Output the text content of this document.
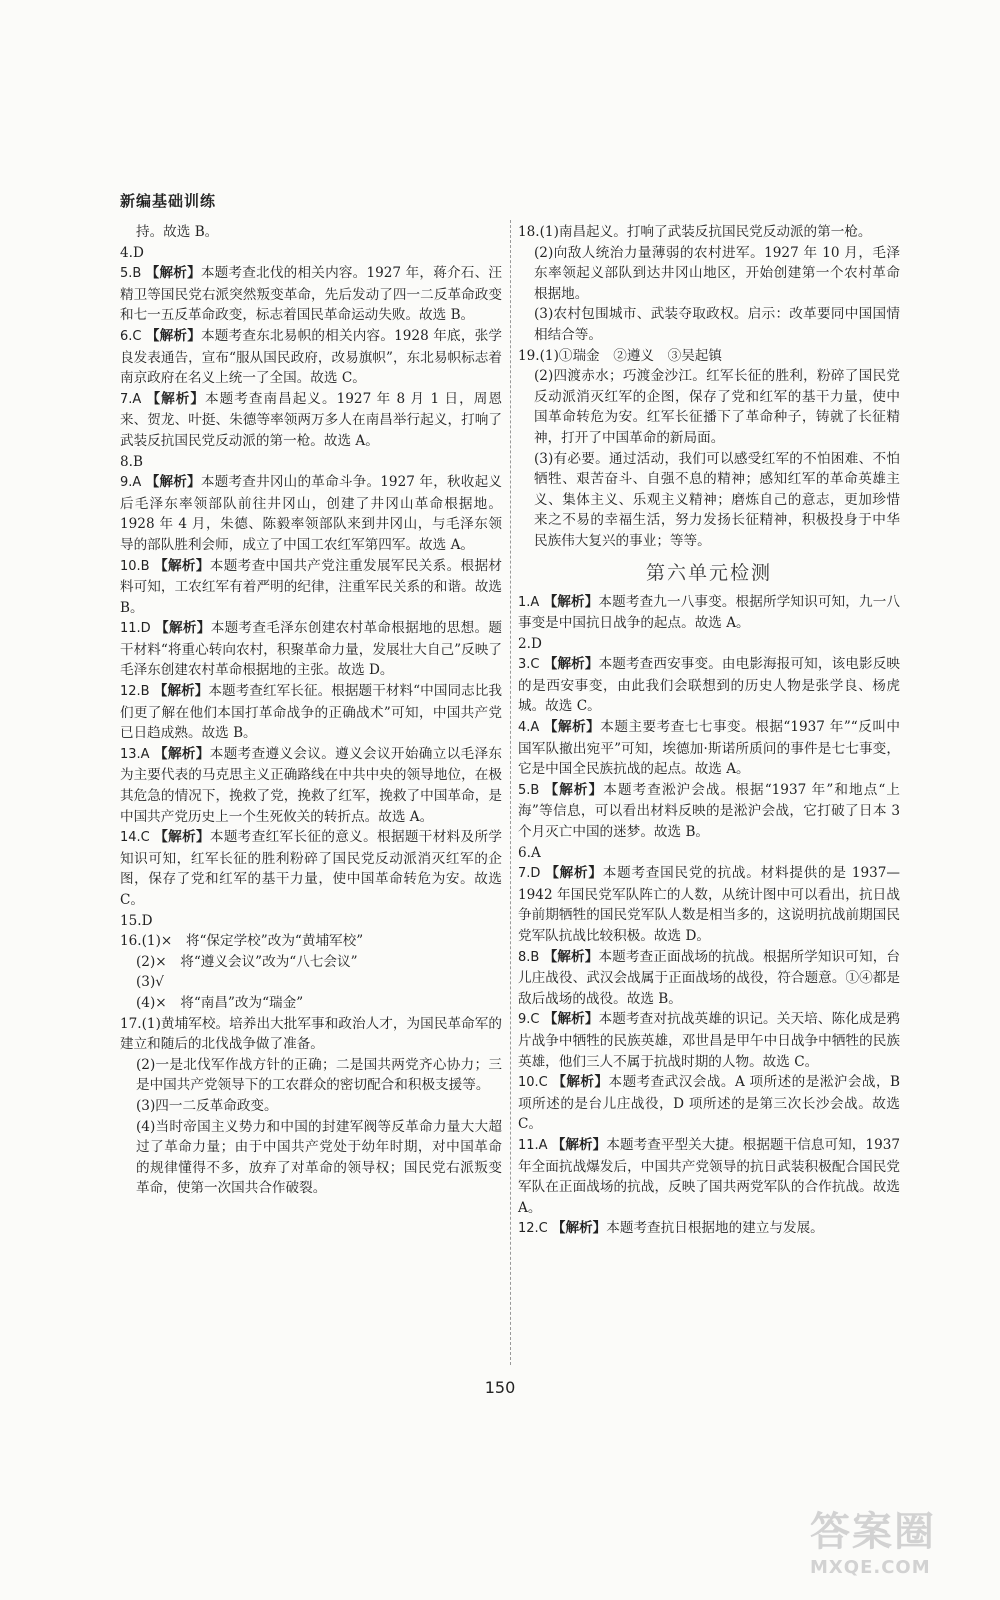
新编基础训练

持。故选 B。

4.D

5.B 【解析】本题考查北伐的相关内容。1927 年，蒋介石、汪精卫等国民党右派突然叛变革命，先后发动了四一二反革命政变和七一五反革命政变，标志着国民革命运动失败。故选 B。

6.C 【解析】本题考查东北易帜的相关内容。1928 年底，张学良发表通告，宣布“服从国民政府，改易旗帜”，东北易帜标志着南京政府在名义上统一了全国。故选 C。

7.A 【解析】本题考查南昌起义。1927 年 8 月 1 日，周恩来、贺龙、叶挺、朱德等率领两万多人在南昌举行起义，打响了武装反抗国民党反动派的第一枪。故选 A。

8.B

9.A 【解析】本题考查井冈山的革命斗争。1927 年，秋收起义后毛泽东率领部队前往井冈山，创建了井冈山革命根据地。1928 年 4 月，朱德、陈毅率领部队来到井冈山，与毛泽东领导的部队胜利会师，成立了中国工农红军第四军。故选 A。

10.B 【解析】本题考查中国共产党注重发展军民关系。根据材料可知，工农红军有着严明的纪律，注重军民关系的和谐。故选 B。

11.D 【解析】本题考查毛泽东创建农村革命根据地的思想。题干材料“将重心转向农村，积聚革命力量，发展壮大自己”反映了毛泽东创建农村革命根据地的主张。故选 D。

12.B 【解析】本题考查红军长征。根据题干材料“中国同志比我们更了解在他们本国打革命战争的正确战术”可知，中国共产党已日趋成熟。故选 B。

13.A 【解析】本题考查遵义会议。遵义会议开始确立以毛泽东为主要代表的马克思主义正确路线在中共中央的领导地位，在极其危急的情况下，挽救了党，挽救了红军，挽救了中国革命，是中国共产党历史上一个生死攸关的转折点。故选 A。

14.C 【解析】本题考查红军长征的意义。根据题干材料及所学知识可知，红军长征的胜利粉碎了国民党反动派消灭红军的企图，保存了党和红军的基干力量，使中国革命转危为安。故选 C。

15.D

16.(1)×　将“保定学校”改为“黄埔军校”

(2)×　将“遵义会议”改为“八七会议”

(3)√

(4)×　将“南昌”改为“瑞金”

17.(1)黄埔军校。培养出大批军事和政治人才，为国民革命军的建立和随后的北伐战争做了准备。

(2)一是北伐军作战方针的正确；二是国共两党齐心协力；三是中国共产党领导下的工农群众的密切配合和积极支援等。

(3)四一二反革命政变。

(4)当时帝国主义势力和中国的封建军阀等反革命力量大大超过了革命力量；由于中国共产党处于幼年时期，对中国革命的规律懂得不多，放弃了对革命的领导权；国民党右派叛变革命，使第一次国共合作破裂。

18.(1)南昌起义。打响了武装反抗国民党反动派的第一枪。

(2)向敌人统治力量薄弱的农村进军。1927 年 10 月，毛泽东率领起义部队到达井冈山地区，开始创建第一个农村革命根据地。

(3)农村包围城市、武装夺取政权。启示：改革要同中国国情相结合等。

19.(1)①瑞金　②遵义　③吴起镇

(2)四渡赤水；巧渡金沙江。红军长征的胜利，粉碎了国民党反动派消灭红军的企图，保存了党和红军的基干力量，使中国革命转危为安。红军长征播下了革命种子，铸就了长征精神，打开了中国革命的新局面。

(3)有必要。通过活动，我们可以感受红军的不怕困难、不怕牺牲、艰苦奋斗、自强不息的精神；感知红军的革命英雄主义、集体主义、乐观主义精神；磨炼自己的意志，更加珍惜来之不易的幸福生活，努力发扬长征精神，积极投身于中华民族伟大复兴的事业；等等。

第六单元检测

1.A 【解析】本题考查九一八事变。根据所学知识可知，九一八事变是中国抗日战争的起点。故选 A。

2.D

3.C 【解析】本题考查西安事变。由电影海报可知，该电影反映的是西安事变，由此我们会联想到的历史人物是张学良、杨虎城。故选 C。

4.A 【解析】本题主要考查七七事变。根据“1937 年”“反叫中国军队撤出宛平”可知，埃德加·斯诺所质问的事件是七七事变，它是中国全民族抗战的起点。故选 A。

5.B 【解析】本题考查淞沪会战。根据“1937 年”和地点“上海”等信息，可以看出材料反映的是淞沪会战，它打破了日本 3 个月灭亡中国的迷梦。故选 B。

6.A

7.D 【解析】本题考查国民党的抗战。材料提供的是 1937—1942 年国民党军队阵亡的人数，从统计图中可以看出，抗日战争前期牺牲的国民党军队人数是相当多的，这说明抗战前期国民党军队抗战比较积极。故选 D。

8.B 【解析】本题考查正面战场的抗战。根据所学知识可知，台儿庄战役、武汉会战属于正面战场的战役，符合题意。①④都是敌后战场的战役。故选 B。

9.C 【解析】本题考查对抗战英雄的识记。关天培、陈化成是鸦片战争中牺牲的民族英雄，邓世昌是甲午中日战争中牺牲的民族英雄，他们三人不属于抗战时期的人物。故选 C。

10.C 【解析】本题考查武汉会战。A 项所述的是淞沪会战，B 项所述的是台儿庄战役，D 项所述的是第三次长沙会战。故选 C。

11.A 【解析】本题考查平型关大捷。根据题干信息可知，1937 年全面抗战爆发后，中国共产党领导的抗日武装积极配合国民党军队在正面战场的抗战，反映了国共两党军队的合作抗战。故选 A。

12.C 【解析】本题考查抗日根据地的建立与发展。

150
答案圈
MXQE.COM
